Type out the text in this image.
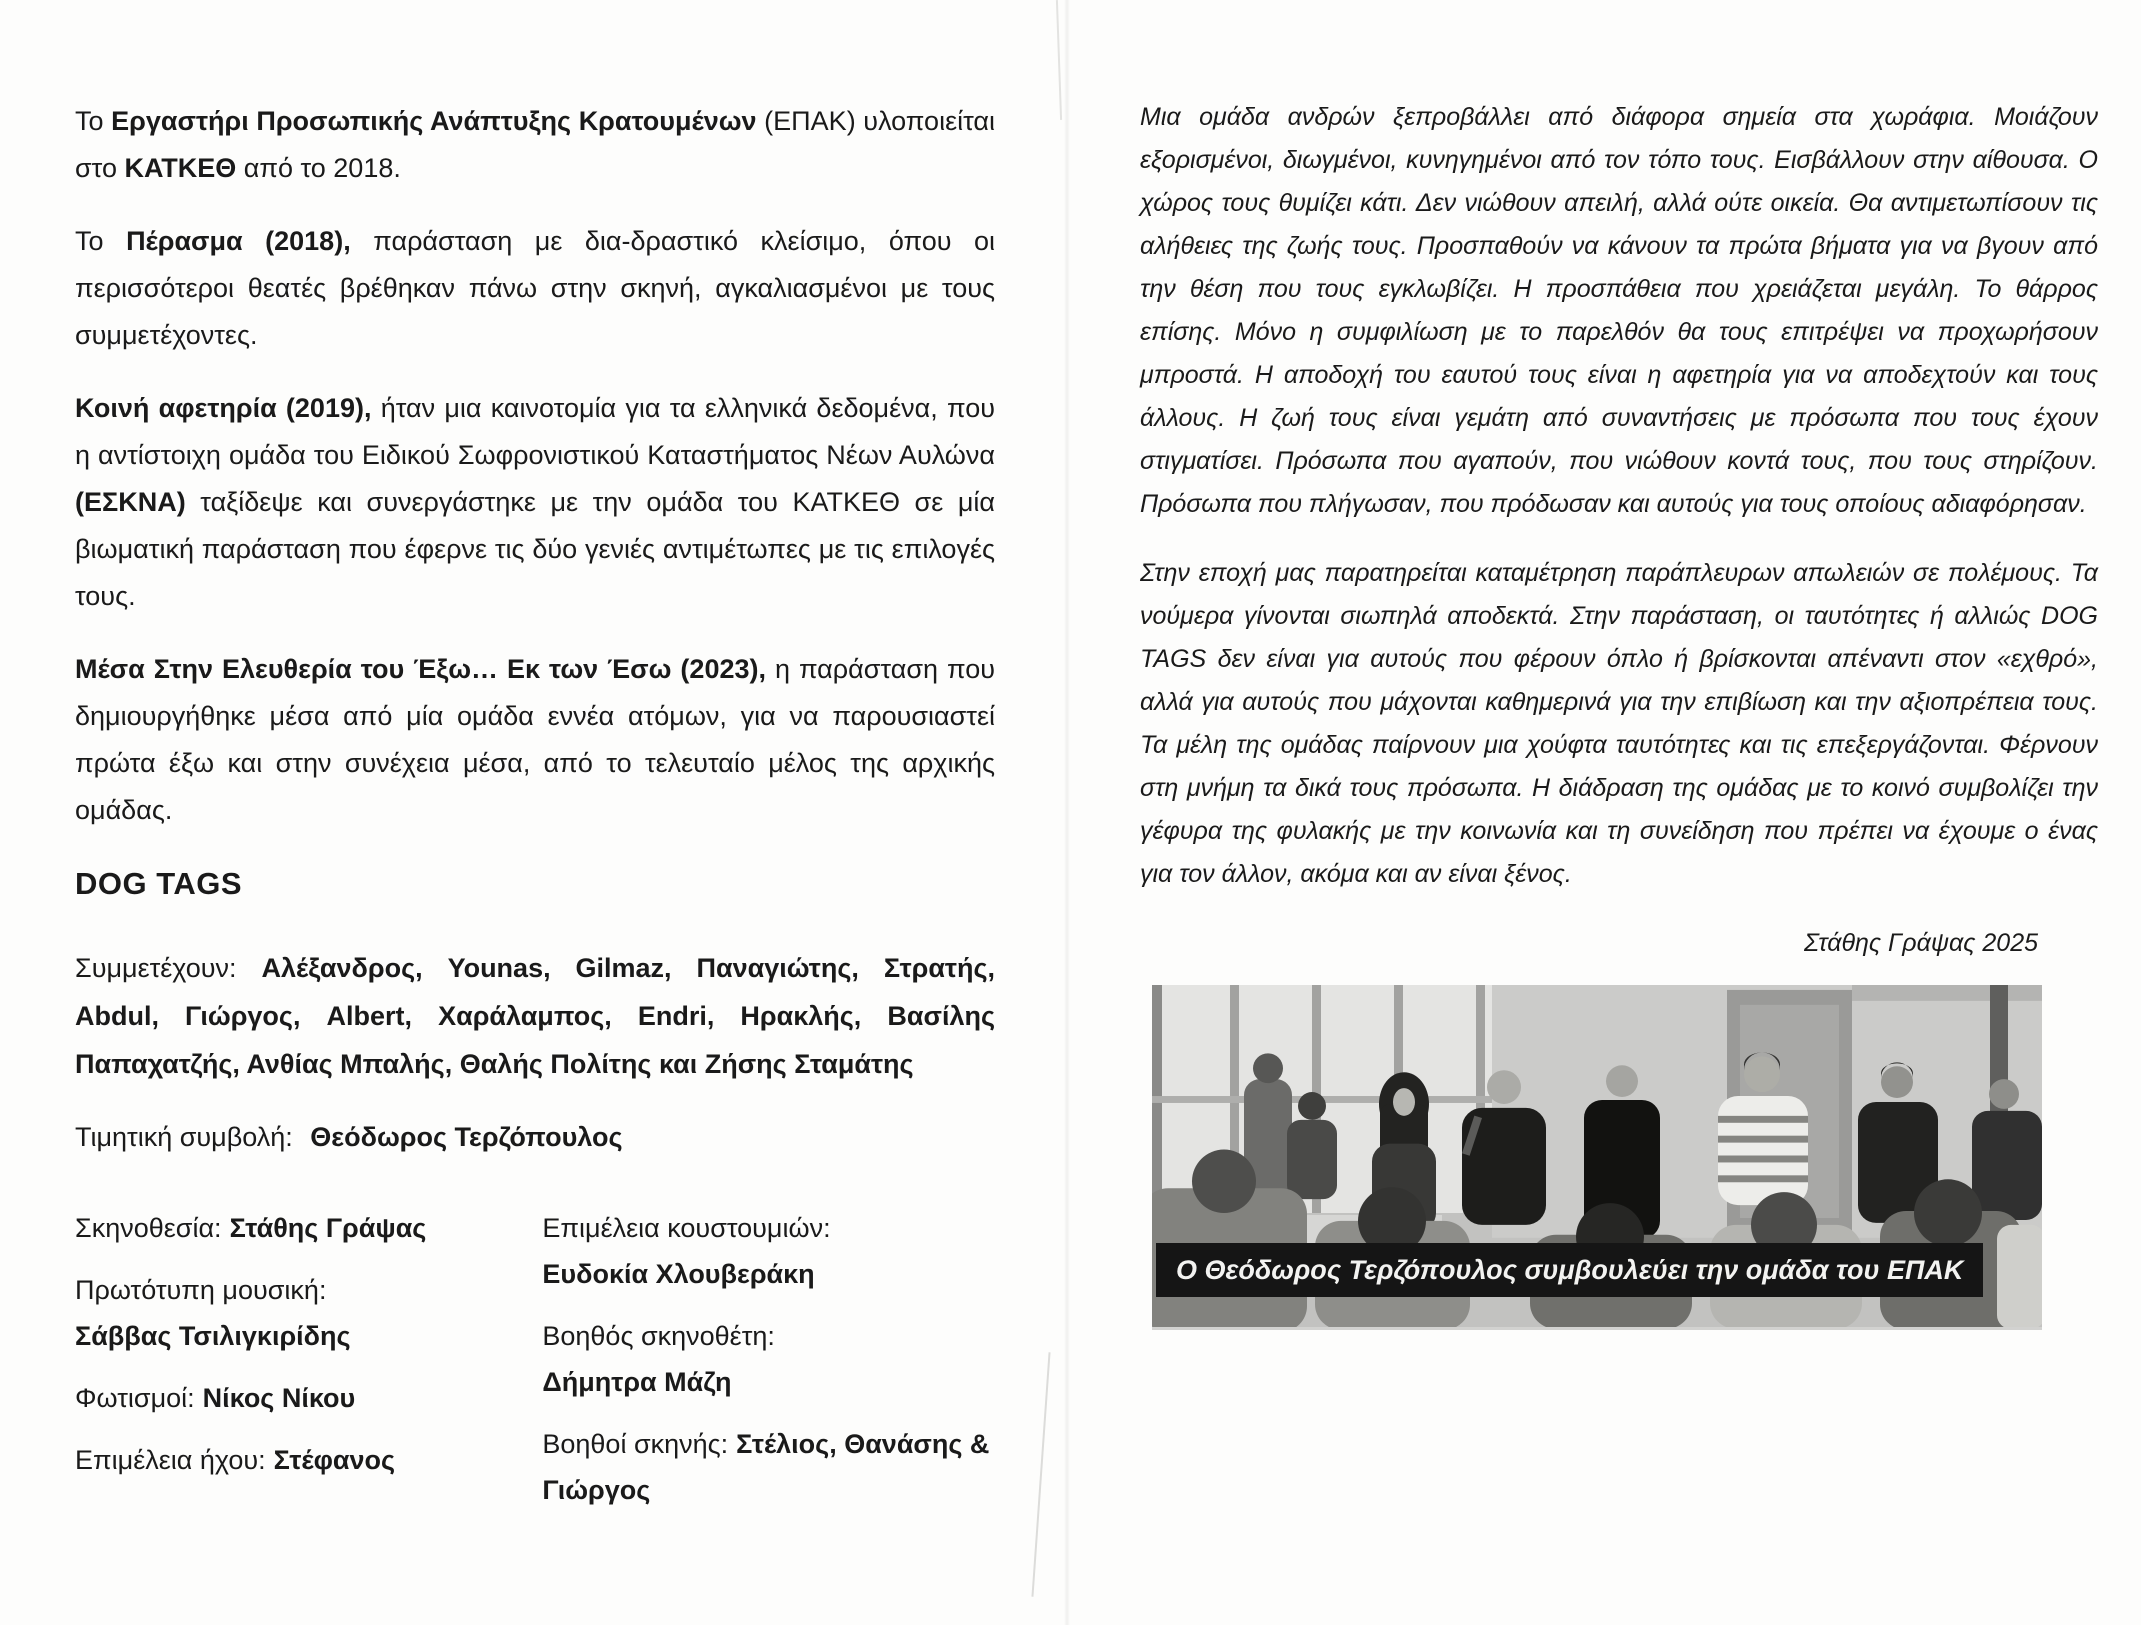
Το Εργαστήρι Προσωπικής Ανάπτυξης Κρατουμένων (ΕΠΑΚ) υλοποιείται στο ΚΑΤΚΕΘ από το 2018.

Το Πέρασμα (2018), παράσταση με δια-δραστικό κλείσιμο, όπου οι περισσότεροι θεατές βρέθηκαν πάνω στην σκηνή, αγκαλιασμένοι με τους συμμετέχοντες.

Κοινή αφετηρία (2019), ήταν μια καινοτομία για τα ελληνικά δεδομένα, που η αντίστοιχη ομάδα του Ειδικού Σωφρονιστικού Καταστήματος Νέων Αυλώνα (ΕΣΚΝΑ) ταξίδεψε και συνεργάστηκε με την ομάδα του ΚΑΤΚΕΘ σε μία βιωματική παράσταση που έφερνε τις δύο γενιές αντιμέτωπες με τις επιλογές τους.

Μέσα Στην Ελευθερία του Έξω… Εκ των Έσω (2023), η παράσταση που δημιουργήθηκε μέσα από μία ομάδα εννέα ατόμων, για να παρουσιαστεί πρώτα έξω και στην συνέχεια μέσα, από το τελευταίο μέλος της αρχικής ομάδας.

DOG TAGS

Συμμετέχουν: Αλέξανδρος, Younas, Gilmaz, Παναγιώτης, Στρατής, Abdul, Γιώργος, Albert, Χαράλαμπος, Endri, Ηρακλής, Βασίλης Παπαχατζής, Ανθίας Μπαλής, Θαλής Πολίτης και Ζήσης Σταμάτης

Τιμητική συμβολή: Θεόδωρος Τερζόπουλος

Σκηνοθεσία: Στάθης Γράψας
Πρωτότυπη μουσική:
Σάββας Τσιλιγκιρίδης
Φωτισμοί: Νίκος Νίκου
Επιμέλεια ήχου: Στέφανος
Επιμέλεια κουστουμιών:
Ευδοκία Χλουβεράκη
Βοηθός σκηνοθέτη:
Δήμητρα Μάζη
Βοηθοί σκηνής: Στέλιος, Θανάσης & Γιώργος

Μια ομάδα ανδρών ξεπροβάλλει από διάφορα σημεία στα χωράφια. Μοιάζουν εξορισμένοι, διωγμένοι, κυνηγημένοι από τον τόπο τους. Εισβάλλουν στην αίθουσα. Ο χώρος τους θυμίζει κάτι. Δεν νιώθουν απειλή, αλλά ούτε οικεία. Θα αντιμετωπίσουν τις αλήθειες της ζωής τους. Προσπαθούν να κάνουν τα πρώτα βήματα για να βγουν από την θέση που τους εγκλωβίζει. Η προσπάθεια που χρειάζεται μεγάλη. Το θάρρος επίσης. Μόνο η συμφιλίωση με το παρελθόν θα τους επιτρέψει να προχωρήσουν μπροστά. Η αποδοχή του εαυτού τους είναι η αφετηρία για να αποδεχτούν και τους άλλους. Η ζωή τους είναι γεμάτη από συναντήσεις με πρόσωπα που τους έχουν στιγματίσει. Πρόσωπα που αγαπούν, που νιώθουν κοντά τους, που τους στηρίζουν. Πρόσωπα που πλήγωσαν, που πρόδωσαν και αυτούς για τους οποίους αδιαφόρησαν.

Στην εποχή μας παρατηρείται καταμέτρηση παράπλευρων απωλειών σε πολέμους. Τα νούμερα γίνονται σιωπηλά αποδεκτά. Στην παράσταση, οι ταυτότητες ή αλλιώς DOG TAGS δεν είναι για αυτούς που φέρουν όπλο ή βρίσκονται απέναντι στον «εχθρό», αλλά για αυτούς που μάχονται καθημερινά για την επιβίωση και την αξιοπρέπεια τους. Τα μέλη της ομάδας παίρνουν μια χούφτα ταυτότητες και τις επεξεργάζονται. Φέρνουν στη μνήμη τα δικά τους πρόσωπα. Η διάδραση της ομάδας με το κοινό συμβολίζει την γέφυρα της φυλακής με την κοινωνία και τη συνείδηση που πρέπει να έχουμε ο ένας για τον άλλον, ακόμα και αν είναι ξένος.

Στάθης Γράψας 2025

Ο Θεόδωρος Τερζόπουλος συμβουλεύει την ομάδα του ΕΠΑΚ
